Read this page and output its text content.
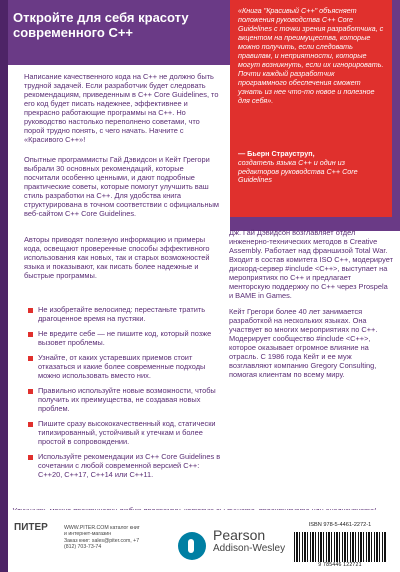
Откройте для себя красоту современного C++
«Книга "Красивый C++" объясняет положения руководства C++ Core Guidelines с точки зрения разработчика, с акцентом на преимущества, которые можно получить, если следовать правилам, и неприятности, которые могут возникнуть, если их игнорировать. Почти каждый разработчик программного обеспечения сможет узнать из нее что-то новое и полезное для себя».
— Бьерн Страуструп,
создатель языка C++ и один из редакторов руководства C++ Core Guidelines
Написание качественного кода на C++ не должно быть трудной задачей. Если разработчик будет следовать рекомендациям, приведенным в C++ Core Guidelines, то его код будет писать надежнее, эффективнее и прекрасно работающие программы на C++. Но руководство настолько переполнено советами, что порой трудно понять, с чего начать. Начните с «Красивого C++»!
Опытные программисты Гай Дэвидсон и Кейт Грегори выбрали 30 основных рекомендаций, которые посчитали особенно ценными, и дают подробные практические советы, которые помогут улучшить ваш стиль разработки на C++. Для удобства книга структурирована в точном соответствии с официальным веб-сайтом C++ Core Guidelines.
Авторы приводят полезную информацию и примеры кода, освещают проверенные способы эффективного использования как новых, так и старых возможностей языка и показывают, как писать более надежные и быстрые программы.
Не изобретайте велосипед: перестаньте тратить драгоценное время на пустяки.
Не вредите себе — не пишите код, который позже вызовет проблемы.
Узнайте, от каких устаревших приемов стоит отказаться и какие более современные подходы можно использовать вместо них.
Правильно используйте новые возможности, чтобы получить их преимущества, не создавая новых проблем.
Пишите сразу высококачественный код, статически типизированный, устойчивый к утечкам и более простой в сопровождении.
Используйте рекомендации из C++ Core Guidelines в сочетании с любой современной версией C++: C++20, C++17, C++14 или C++11.
Дж. Гай Дэвидсон возглавляет отдел инженерно-технических методов в Creative Assembly. Работает над франшизой Total War. Входит в состав комитета ISO C++, модерирует дискорд-сервер #include <C++>, выступает на мероприятиях по C++ и предлагает менторскую поддержку по C++ через Prospela и BAME in Games.
Кейт Грегори более 40 лет занимается разработкой на нескольких языках. Она участвует во многих мероприятиях по C++. Модерирует сообщество #include <C++>, которое оказывает огромное влияние на отрасль. С 1986 года Кейт и ее муж возглавляют компанию Gregory Consulting, помогая клиентам по всему миру.
ПИТЕР	WWW.PITER.COM каталог книг и интернет-магазин
Заказ книг: sales@piter.com, +7 (812) 703-73-74
Pearson
Addison-Wesley
ISBN 978-5-4461-2272-1
9 785446 122721
